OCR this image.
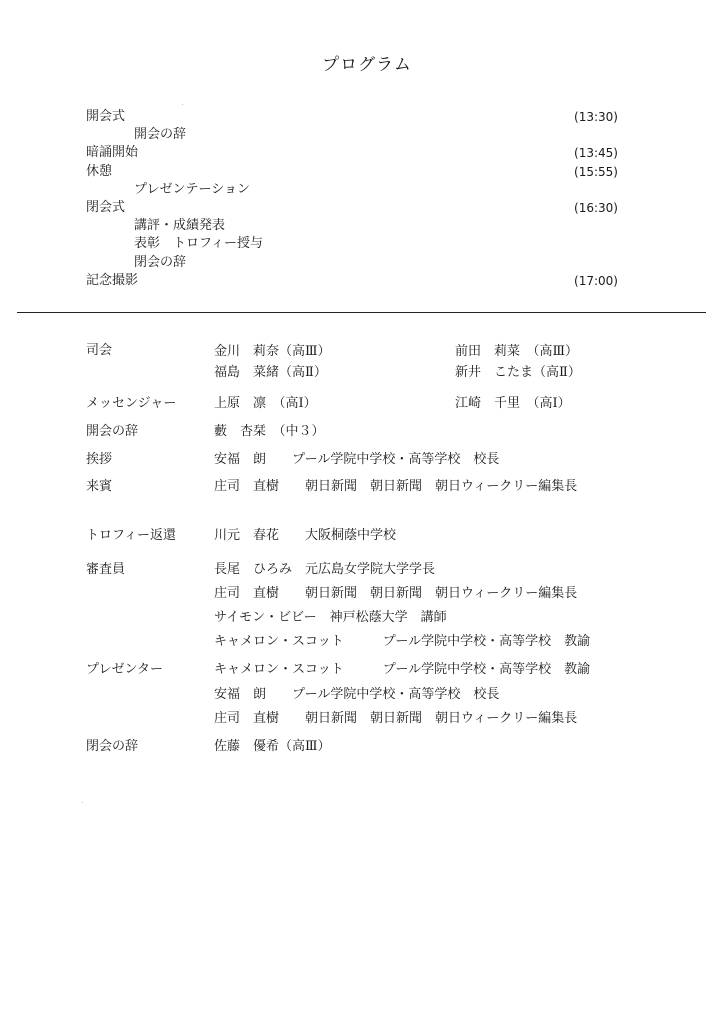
プログラム
開会式	(13:30)
開会の辞
暗誦開始	(13:45)
休憩	(15:55)
プレゼンテーション
閉会式	(16:30)
講評・成績発表
表彰　トロフィー授与
閉会の辞
記念撮影	(17:00)
司会	金川　莉奈（高Ⅲ）	前田　莉菜　（高Ⅲ）
福島　菜緒（高Ⅱ）	新井　こたま（高Ⅱ）
メッセンジャー	上原　凛　（高Ⅰ）	江崎　千里　（高Ⅰ）
開会の辞	藪　杏栞　（中３）
挨拶	安福　朗　　プール学院中学校・高等学校　校長
来賓	庄司　直樹　　朝日新聞　朝日新聞　朝日ウィークリー編集長
トロフィー返還	川元　春花　　大阪桐蔭中学校
審査員	長尾　ひろみ　元広島女学院大学学長
庄司　直樹　　朝日新聞　朝日新聞　朝日ウィークリー編集長
サイモン・ビビー　神戸松蔭大学　講師
キャメロン・スコット　　　プール学院中学校・高等学校　教諭
プレゼンター	キャメロン・スコット　　　プール学院中学校・高等学校　教諭
安福　朗　　プール学院中学校・高等学校　校長
庄司　直樹　　朝日新聞　朝日新聞　朝日ウィークリー編集長
閉会の辞	佐藤　優希（高Ⅲ）
